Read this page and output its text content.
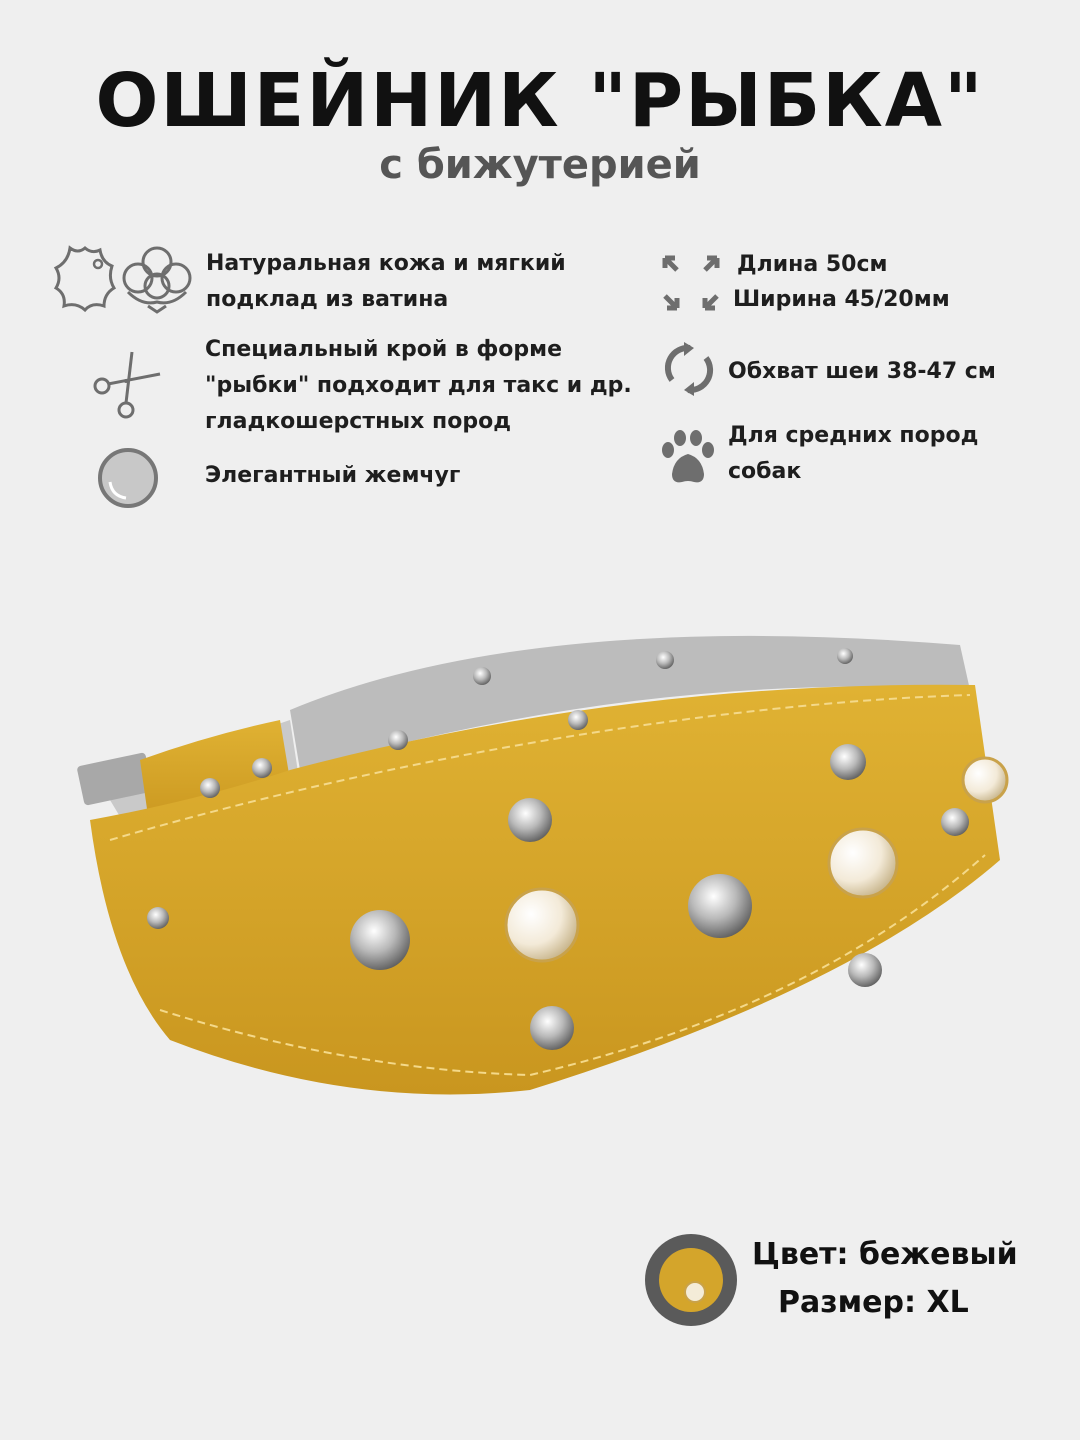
ОШЕЙНИК "РЫБКА"
с бижутерией
Натуральная кожа и мягкий
подклад из ватина
Специальный крой в форме
"рыбки" подходит для такс и др.
гладкошерстных пород
Элегантный жемчуг
Длина 50см
Ширина 45/20мм
Обхват шеи 38-47 см
Для средних пород
собак
Цвет: бежевый
Размер: XL
